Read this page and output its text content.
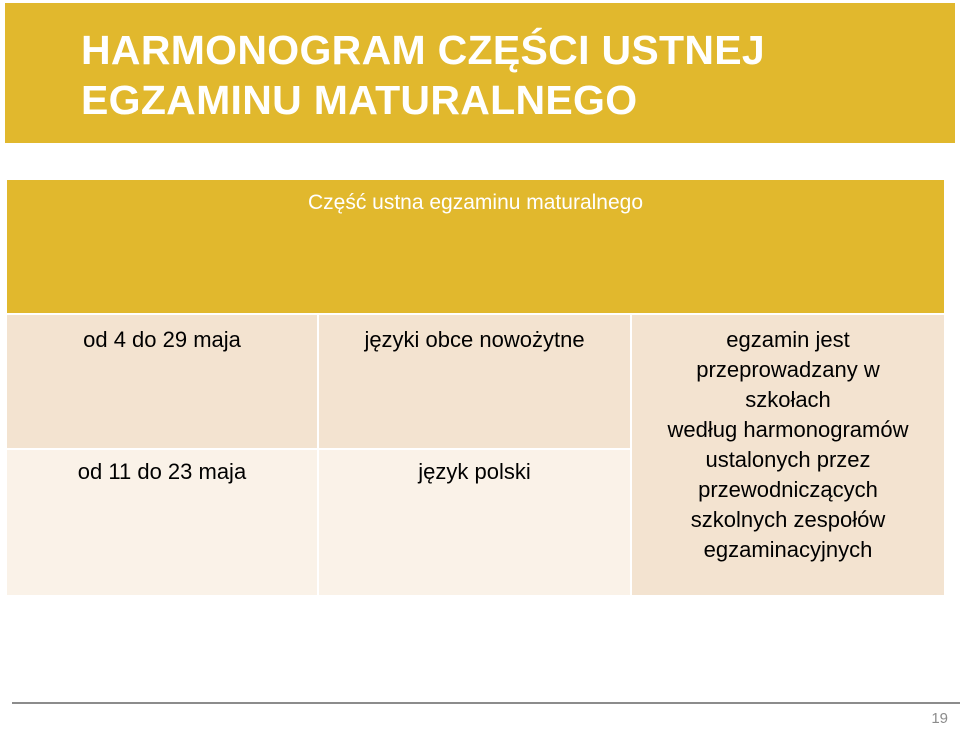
HARMONOGRAM CZĘŚCI USTNEJ
EGZAMINU MATURALNEGO
Część ustna egzaminu maturalnego
od 4 do 29 maja	języki obce nowożytne
od 11 do 23 maja	język polski
egzamin jest
przeprowadzany w
szkołach
według harmonogramów
ustalonych przez
przewodniczących
szkolnych zespołów
egzaminacyjnych
19
